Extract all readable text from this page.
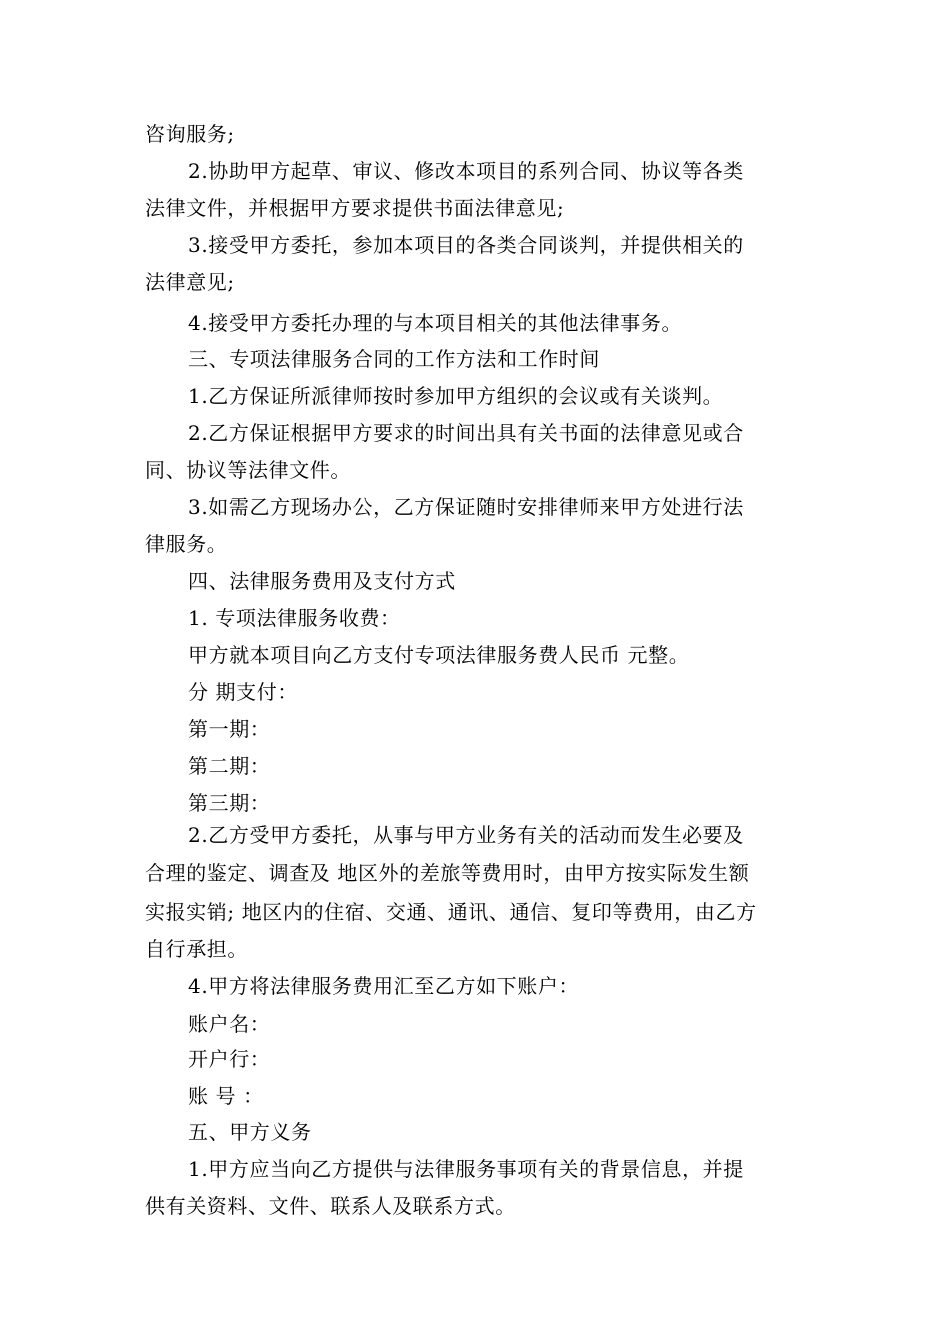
咨询服务;
2.协助甲方起草、审议、修改本项目的系列合同、协议等各类
法律文件，并根据甲方要求提供书面法律意见;
3.接受甲方委托，参加本项目的各类合同谈判，并提供相关的
法律意见;
4.接受甲方委托办理的与本项目相关的其他法律事务。
三、专项法律服务合同的工作方法和工作时间
1.乙方保证所派律师按时参加甲方组织的会议或有关谈判。
2.乙方保证根据甲方要求的时间出具有关书面的法律意见或合
同、协议等法律文件。
3.如需乙方现场办公，乙方保证随时安排律师来甲方处进行法
律服务。
四、法律服务费用及支付方式
1. 专项法律服务收费：
甲方就本项目向乙方支付专项法律服务费人民币 元整。
分 期支付：
第一期：
第二期：
第三期：
2.乙方受甲方委托，从事与甲方业务有关的活动而发生必要及
合理的鉴定、调查及 地区外的差旅等费用时，由甲方按实际发生额
实报实销; 地区内的住宿、交通、通讯、通信、复印等费用，由乙方
自行承担。
4.甲方将法律服务费用汇至乙方如下账户：
账户名：
开户行：
账 号 ：
五、甲方义务
1.甲方应当向乙方提供与法律服务事项有关的背景信息，并提
供有关资料、文件、联系人及联系方式。
